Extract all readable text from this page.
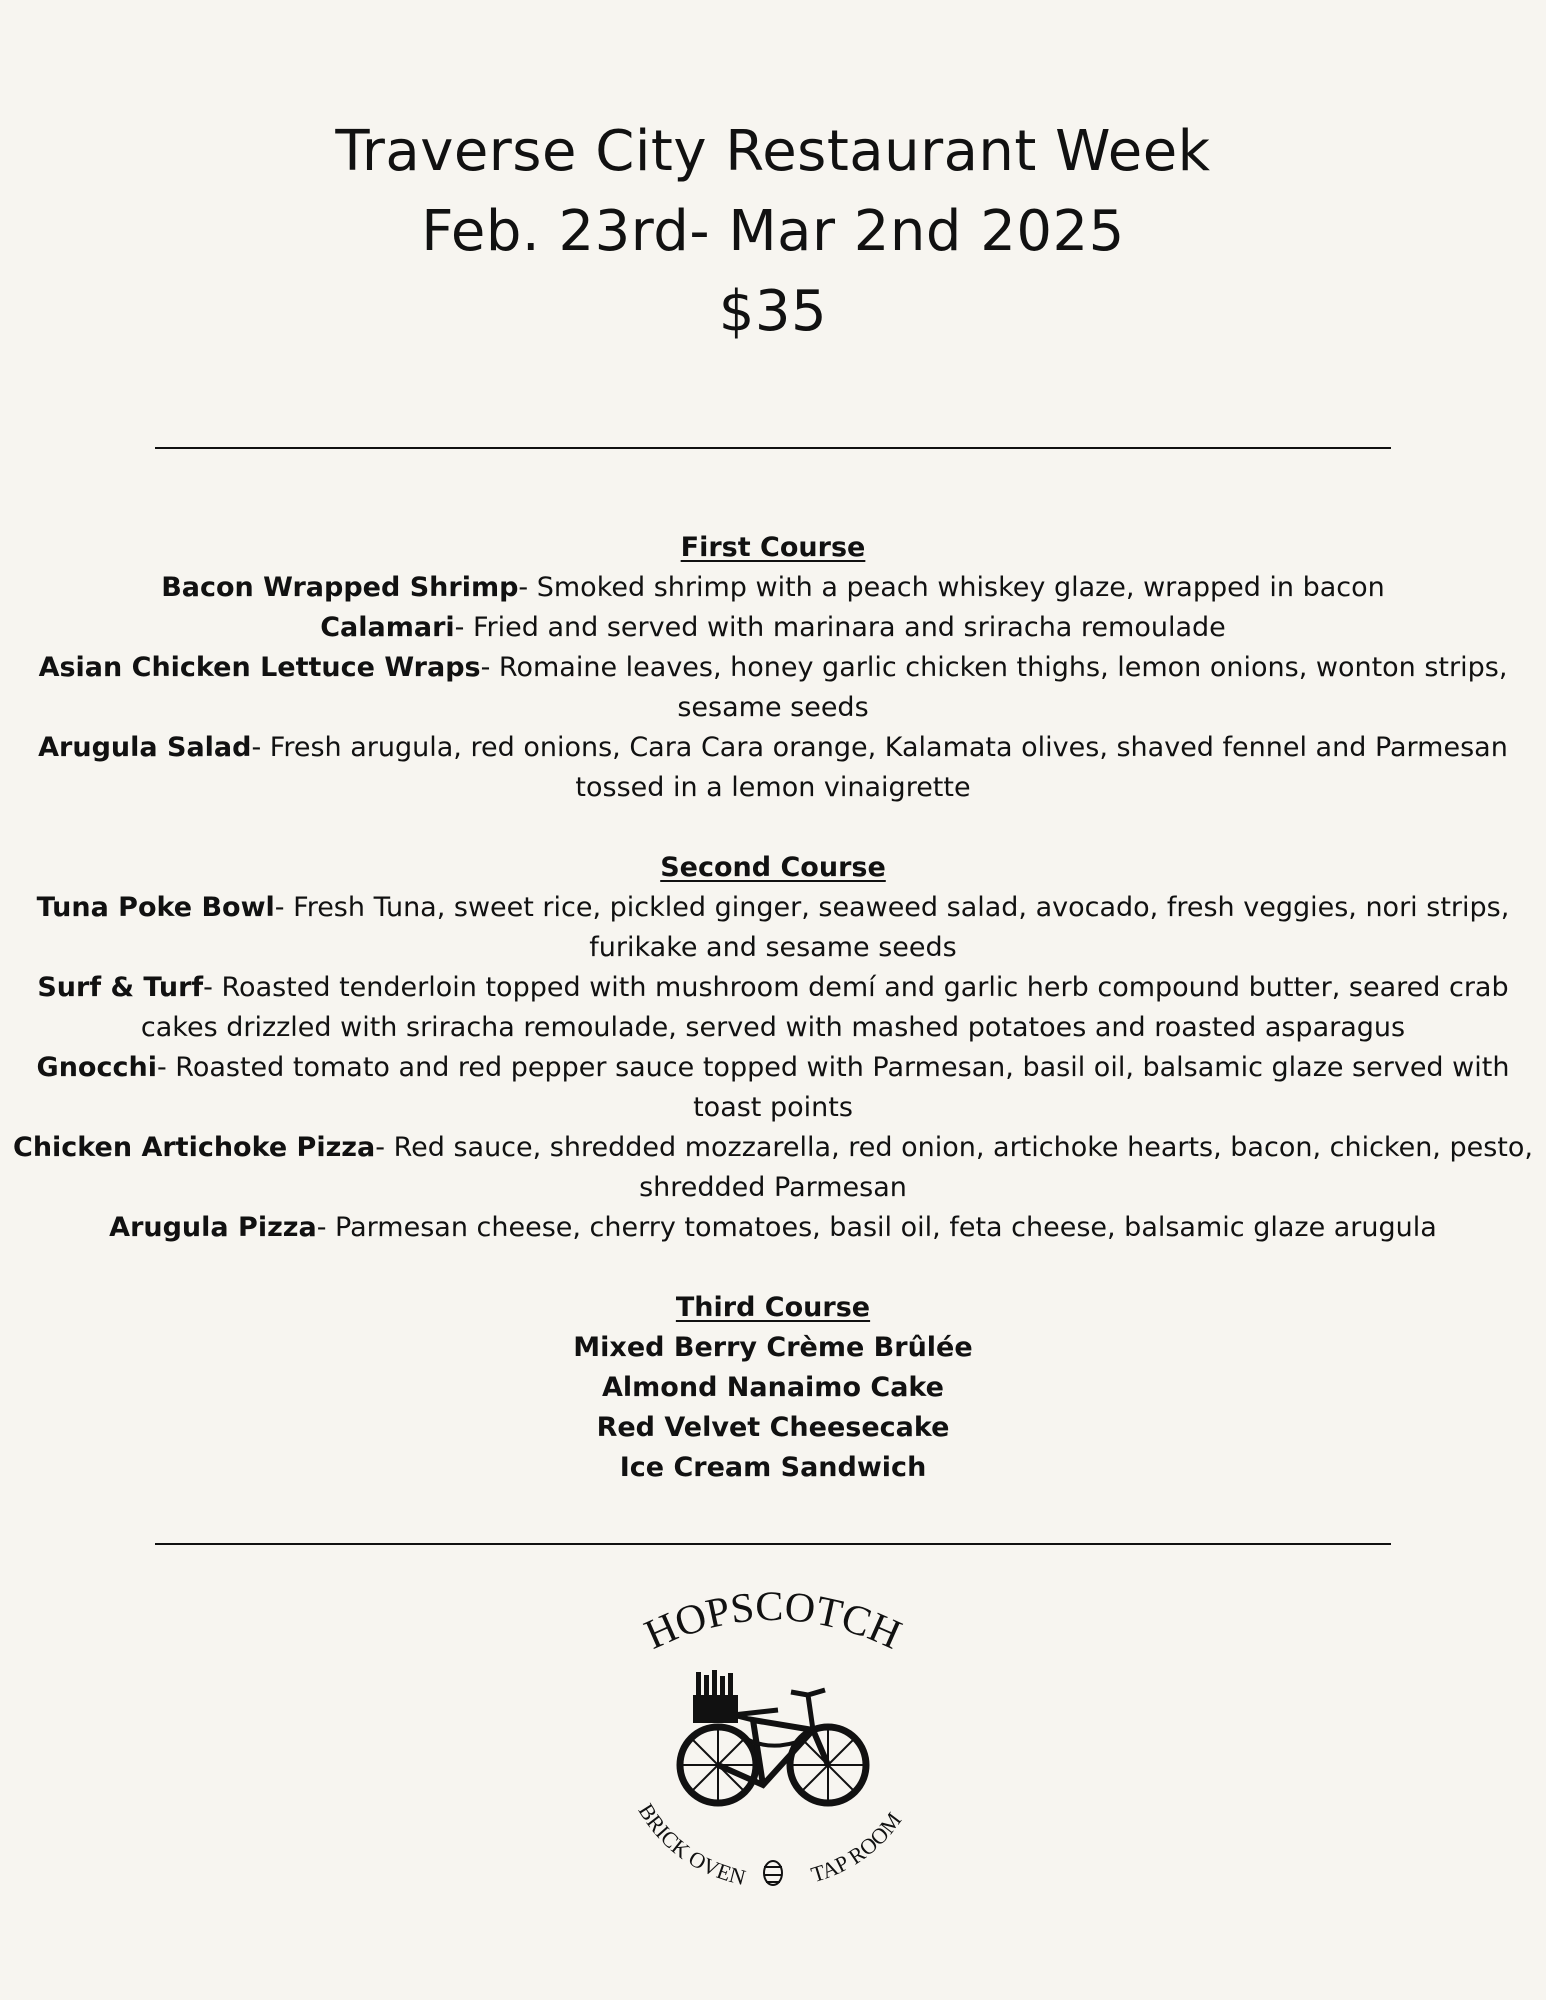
Traverse City Restaurant Week
Feb. 23rd- Mar 2nd 2025
$35
First Course
Bacon Wrapped Shrimp- Smoked shrimp with a peach whiskey glaze, wrapped in bacon
Calamari- Fried and served with marinara and sriracha remoulade
Asian Chicken Lettuce Wraps- Romaine leaves, honey garlic chicken thighs, lemon onions, wonton strips, sesame seeds
Arugula Salad- Fresh arugula, red onions, Cara Cara orange, Kalamata olives, shaved fennel and Parmesan tossed in a lemon vinaigrette
Second Course
Tuna Poke Bowl- Fresh Tuna, sweet rice, pickled ginger, seaweed salad, avocado, fresh veggies, nori strips, furikake and sesame seeds
Surf & Turf- Roasted tenderloin topped with mushroom demí and garlic herb compound butter, seared crab cakes drizzled with sriracha remoulade, served with mashed potatoes and roasted asparagus
Gnocchi- Roasted tomato and red pepper sauce topped with Parmesan, basil oil, balsamic glaze served with toast points
Chicken Artichoke Pizza- Red sauce, shredded mozzarella, red onion, artichoke hearts, bacon, chicken, pesto, shredded Parmesan
Arugula Pizza- Parmesan cheese, cherry tomatoes, basil oil, feta cheese, balsamic glaze arugula
Third Course
Mixed Berry Crème Brûlée
Almond Nanaimo Cake
Red Velvet Cheesecake
Ice Cream Sandwich
HOPSCOTCH
BRICK OVEN	TAP ROOM
